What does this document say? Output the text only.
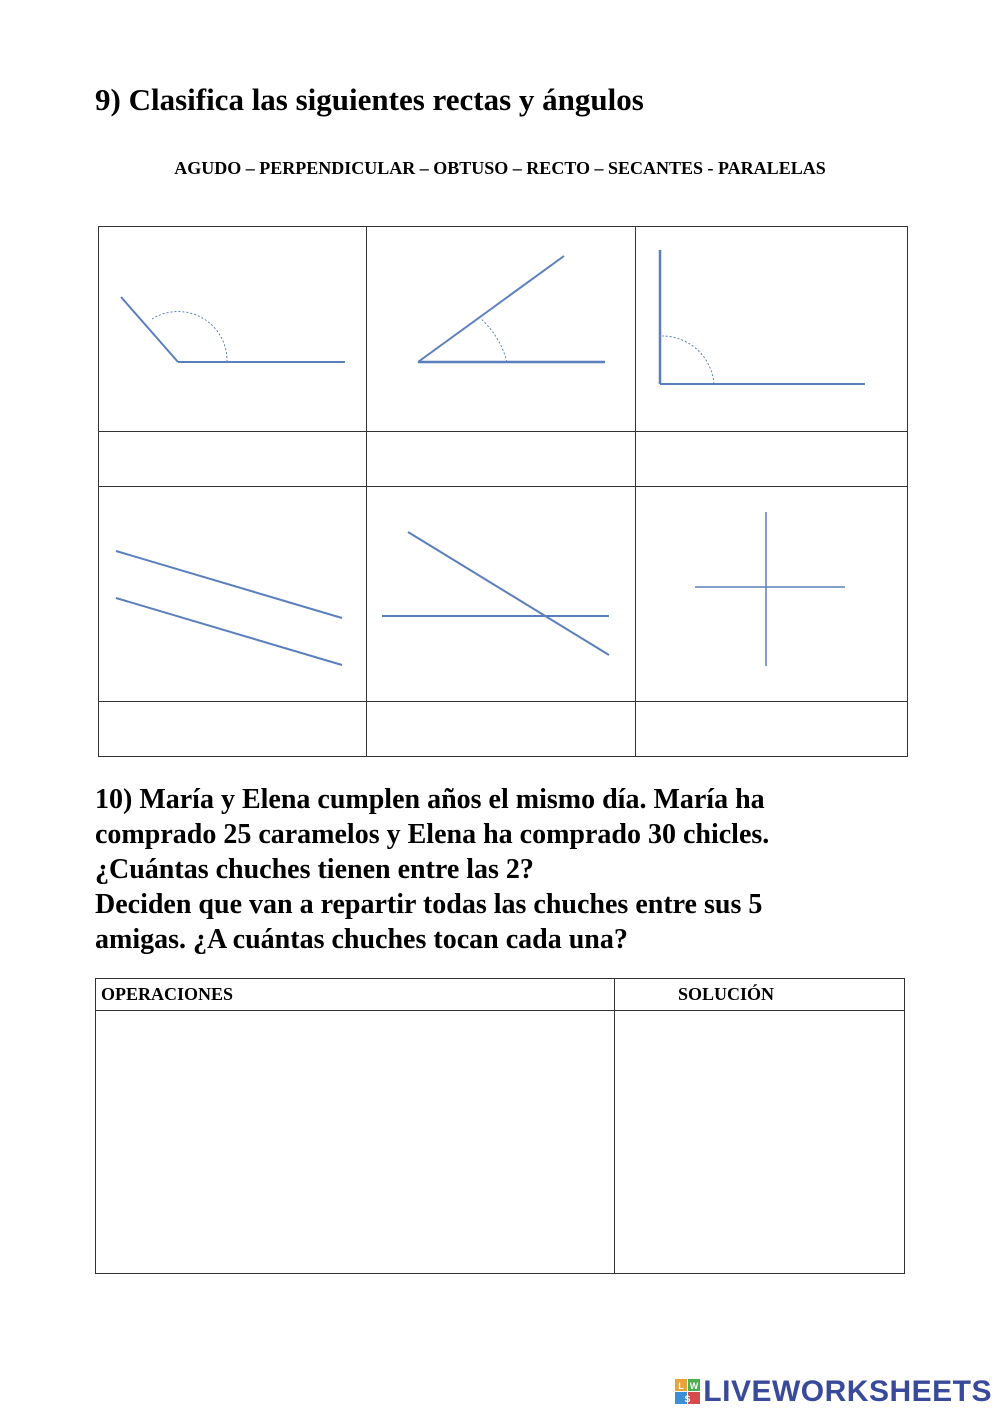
9) Clasifica las siguientes rectas y ángulos
AGUDO – PERPENDICULAR – OBTUSO – RECTO – SECANTES - PARALELAS

10) María y Elena cumplen años el mismo día. María ha

comprado 25 caramelos y Elena ha comprado 30 chicles.

¿Cuántas chuches tienen entre las 2?

Deciden que van a repartir todas las chuches entre sus 5

amigas. ¿A cuántas chuches tocan cada una?

OPERACIONES	SOLUCIÓN

L W
S LIVEWORKSHEETS
